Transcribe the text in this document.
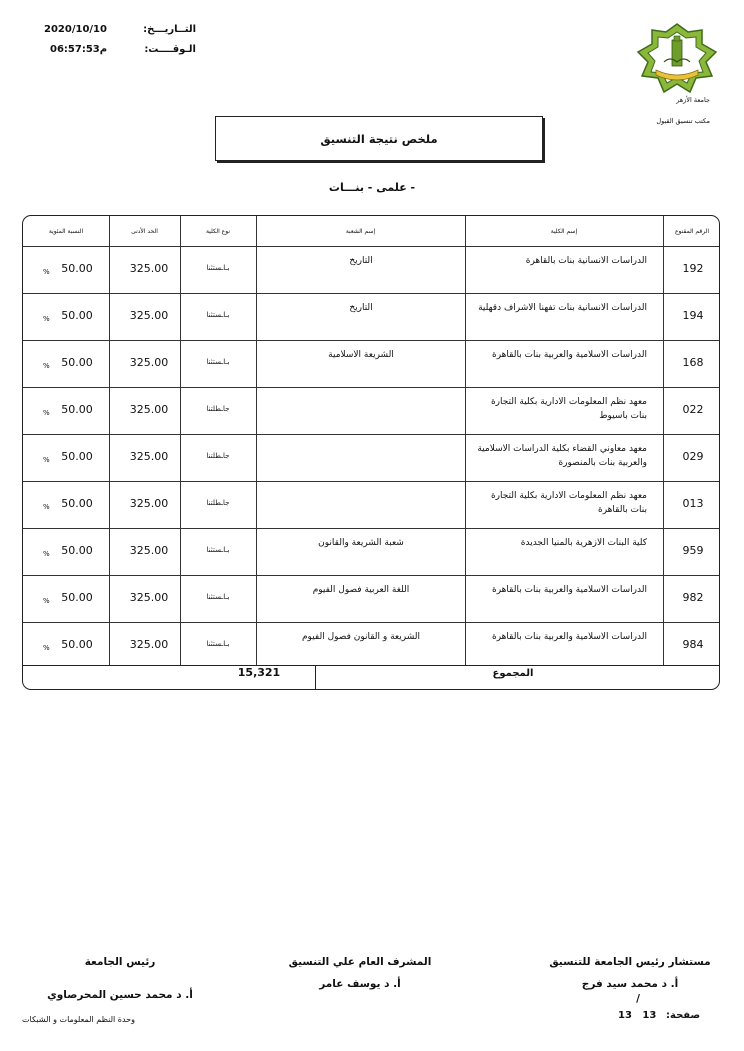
2020/10/10	التــاريـــخ:
م06:57:53	الـوقــــت:
جامعة الأزهر
مكتب تنسيق القبول
ملخص نتيجة التنسيق
- علمى - بنـــات
الرقم المقنوع
إسم الكلية
إسم الشعبة
نوع الكلية
الحد الأدنى
النسبة المئوية
192
الدراسات الانسانية بنات بالقاهرة
التاريخ
بـاـستثنا
325.00
50.00
%
194
الدراسات الانسانية بنات تفهنا الاشراف دقهلية
التاريخ
بـاـستثنا
325.00
50.00
%
168
الدراسات الاسلامية والعربية بنات بالقاهرة
الشريعة الاسلامية
بـاـستثنا
325.00
50.00
%
022
معهد نظم المعلومات الادارية بكلية التجارة
بنات باسيوط
جاـطلتنا
325.00
50.00
%
029
معهد معاوني القضاء بكلية الدراسات الاسلامية
والعربية بنات بالمنصورة
جاـطلتنا
325.00
50.00
%
013
معهد نظم المعلومات الادارية بكلية التجارة
بنات بالقاهرة
جاـطلتنا
325.00
50.00
%
959
كلية البنات الازهرية بالمنيا الجديدة
شعبة الشريعة والقانون
بـاـستثنا
325.00
50.00
%
982
الدراسات الاسلامية والعربية بنات بالقاهرة
اللغة العربية فصول الفيوم
بـاـستثنا
325.00
50.00
%
984
الدراسات الاسلامية والعربية بنات بالقاهرة
الشريعة و القانون فصول الفيوم
بـاـستثنا
325.00
50.00
%
المجموع
15,321
مستشار رئيس الجامعة للتنسيق
أ. د محمد سيد فرج
/
المشرف العام علي التنسيق
أ. د يوسف عامر
رئيس الجامعة
أ. د محمد حسين المحرصاوي
13 13 صفحة:
وحدة النظم المعلومات و الشبكات
